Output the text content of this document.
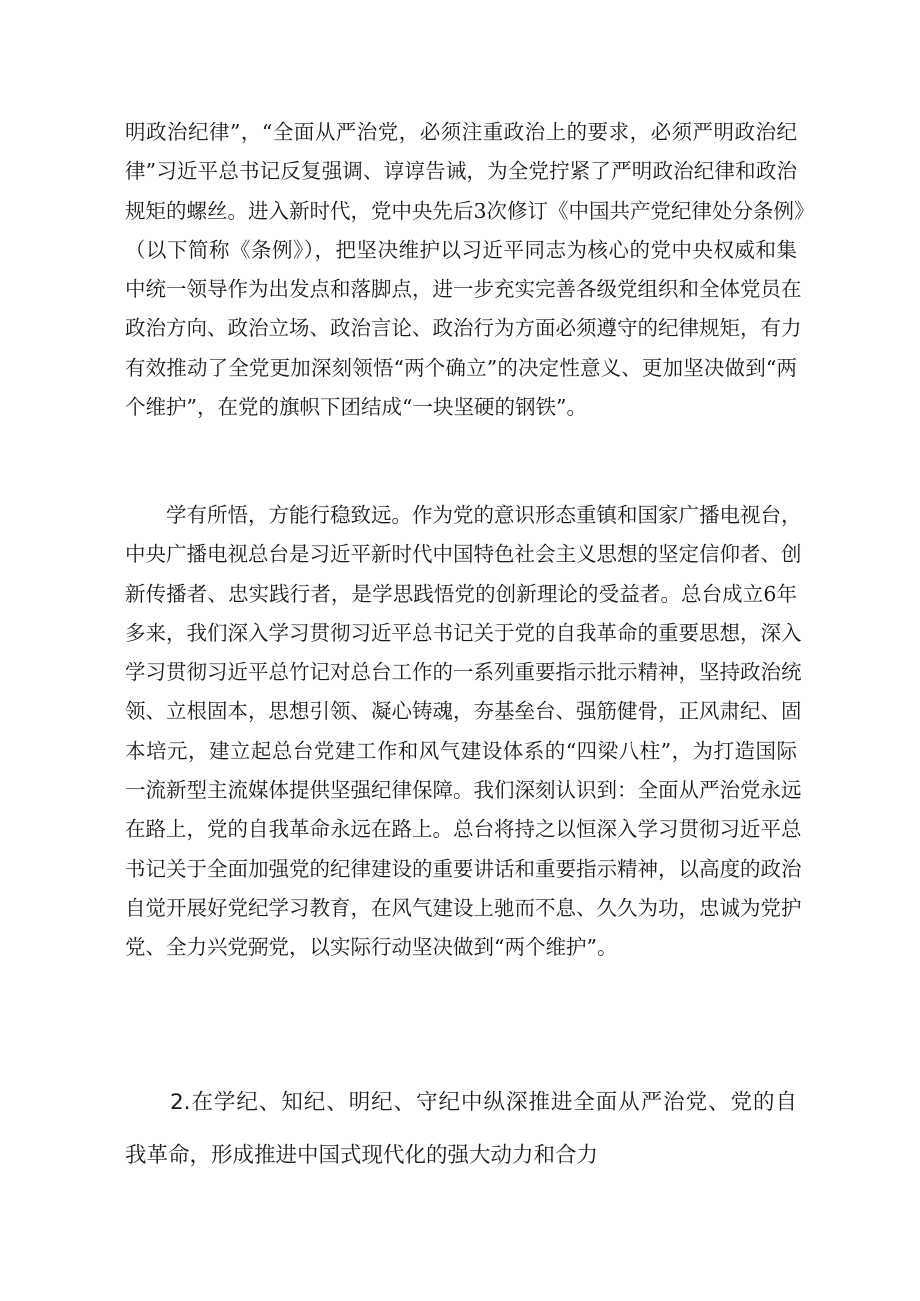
明政治纪律”，“全面从严治党，必须注重政治上的要求，必须严明政治纪
律”习近平总书记反复强调、谆谆告诫，为全党拧紧了严明政治纪律和政治
规矩的螺丝。进入新时代，党中央先后3次修订《中国共产党纪律处分条例》
（以下简称《条例》），把坚决维护以习近平同志为核心的党中央权威和集
中统一领导作为出发点和落脚点，进一步充实完善各级党组织和全体党员在
政治方向、政治立场、政治言论、政治行为方面必须遵守的纪律规矩，有力
有效推动了全党更加深刻领悟“两个确立”的决定性意义、更加坚决做到“两
个维护”，在党的旗帜下团结成“一块坚硬的钢铁”。

学有所悟，方能行稳致远。作为党的意识形态重镇和国家广播电视台，
中央广播电视总台是习近平新时代中国特色社会主义思想的坚定信仰者、创
新传播者、忠实践行者，是学思践悟党的创新理论的受益者。总台成立6年
多来，我们深入学习贯彻习近平总书记关于党的自我革命的重要思想，深入
学习贯彻习近平总竹记对总台工作的一系列重要指示批示精神，坚持政治统
领、立根固本，思想引领、凝心铸魂，夯基垒台、强筋健骨，正风肃纪、固
本培元，建立起总台党建工作和风气建设体系的“四梁八柱”，为打造国际
一流新型主流媒体提供坚强纪律保障。我们深刻认识到：全面从严治党永远
在路上，党的自我革命永远在路上。总台将持之以恒深入学习贯彻习近平总
书记关于全面加强党的纪律建设的重要讲话和重要指示精神，以高度的政治
自觉开展好党纪学习教育，在风气建设上驰而不息、久久为功，忠诚为党护
党、全力兴党弼党，以实际行动坚决做到“两个维护”。

2.在学纪、知纪、明纪、守纪中纵深推进全面从严治党、党的自
我革命，形成推进中国式现代化的强大动力和合力
